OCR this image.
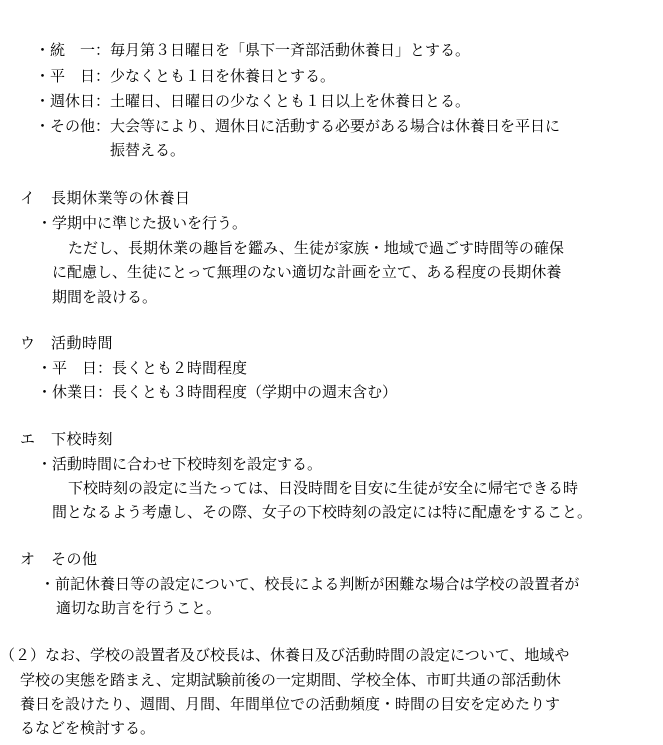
・統　一：毎月第３日曜日を「県下一斉部活動休養日」とする。
・平　日：少なくとも１日を休養日とする。
・週休日：土曜日、日曜日の少なくとも１日以上を休養日とる。
・その他：大会等により、週休日に活動する必要がある場合は休養日を平日に
振替える。
イ　長期休業等の休養日
・学期中に準じた扱いを行う。
ただし、長期休業の趣旨を鑑み、生徒が家族・地域で過ごす時間等の確保
に配慮し、生徒にとって無理のない適切な計画を立て、ある程度の長期休養
期間を設ける。
ウ　活動時間
・平　日：長くとも２時間程度
・休業日：長くとも３時間程度（学期中の週末含む）
エ　下校時刻
・活動時間に合わせ下校時刻を設定する。
下校時刻の設定に当たっては、日没時間を目安に生徒が安全に帰宅できる時
間となるよう考慮し、その際、女子の下校時刻の設定には特に配慮をすること。
オ　その他
・前記休養日等の設定について、校長による判断が困難な場合は学校の設置者が
適切な助言を行うこと。
（２）なお、学校の設置者及び校長は、休養日及び活動時間の設定について、地域や
学校の実態を踏まえ、定期試験前後の一定期間、学校全体、市町共通の部活動休
養日を設けたり、週間、月間、年間単位での活動頻度・時間の目安を定めたりす
るなどを検討する。
